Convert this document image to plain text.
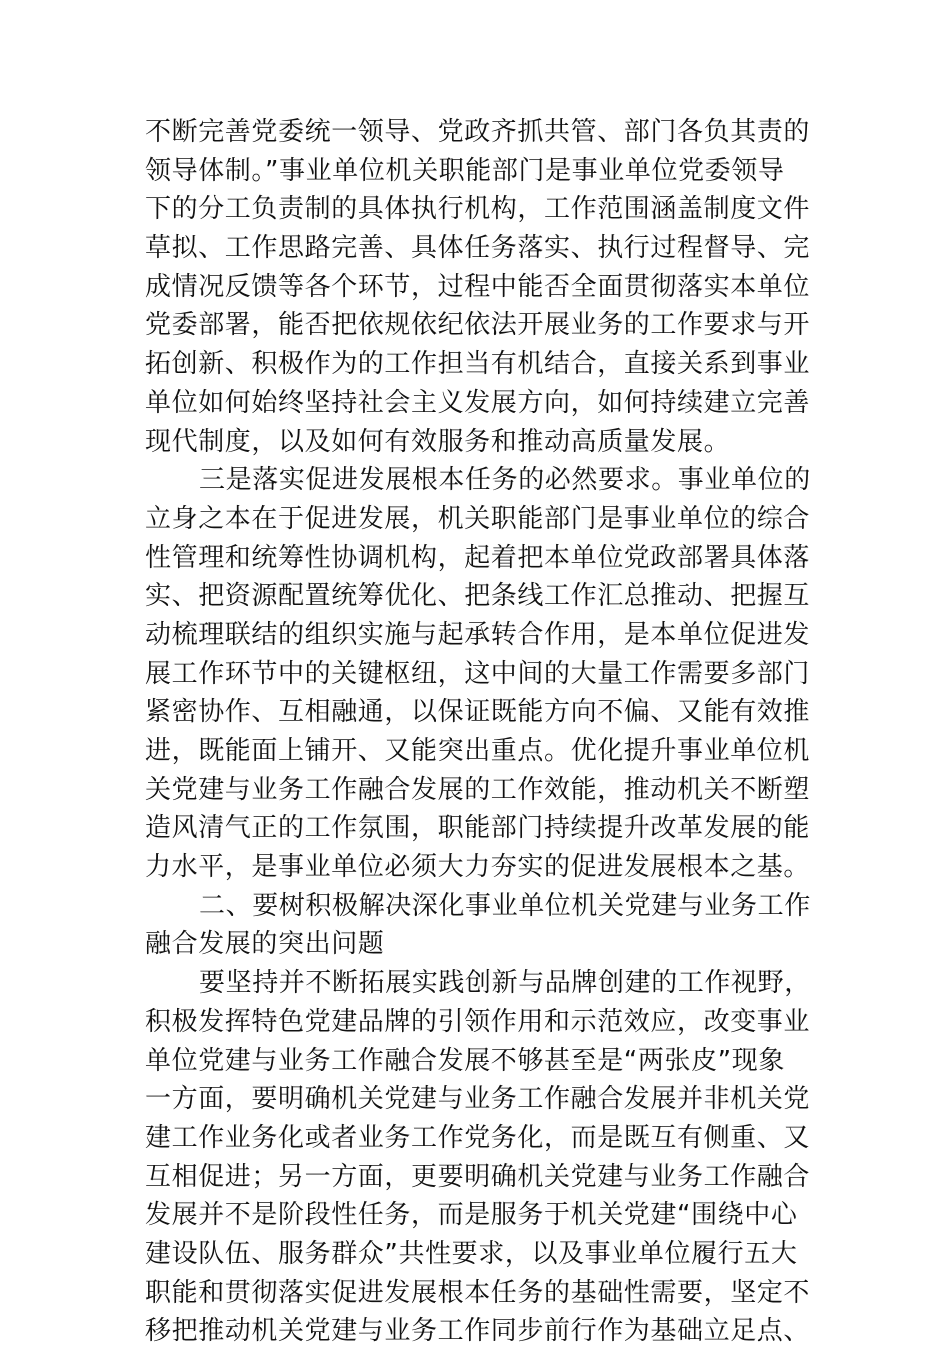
不断完善党委统一领导、党政齐抓共管、部门各负其责的
领导体制。”事业单位机关职能部门是事业单位党委领导
下的分工负责制的具体执行机构，工作范围涵盖制度文件
草拟、工作思路完善、具体任务落实、执行过程督导、完
成情况反馈等各个环节，过程中能否全面贯彻落实本单位
党委部署，能否把依规依纪依法开展业务的工作要求与开
拓创新、积极作为的工作担当有机结合，直接关系到事业
单位如何始终坚持社会主义发展方向，如何持续建立完善
现代制度，以及如何有效服务和推动高质量发展。
三是落实促进发展根本任务的必然要求。事业单位的
立身之本在于促进发展，机关职能部门是事业单位的综合
性管理和统筹性协调机构，起着把本单位党政部署具体落
实、把资源配置统筹优化、把条线工作汇总推动、把握互
动梳理联结的组织实施与起承转合作用，是本单位促进发
展工作环节中的关键枢纽，这中间的大量工作需要多部门
紧密协作、互相融通，以保证既能方向不偏、又能有效推
进，既能面上铺开、又能突出重点。优化提升事业单位机
关党建与业务工作融合发展的工作效能，推动机关不断塑
造风清气正的工作氛围，职能部门持续提升改革发展的能
力水平，是事业单位必须大力夯实的促进发展根本之基。
二、要树积极解决深化事业单位机关党建与业务工作
融合发展的突出问题
要坚持并不断拓展实践创新与品牌创建的工作视野，
积极发挥特色党建品牌的引领作用和示范效应，改变事业
单位党建与业务工作融合发展不够甚至是“两张皮”现象
一方面，要明确机关党建与业务工作融合发展并非机关党
建工作业务化或者业务工作党务化，而是既互有侧重、又
互相促进；另一方面，更要明确机关党建与业务工作融合
发展并不是阶段性任务，而是服务于机关党建“围绕中心
建设队伍、服务群众”共性要求，以及事业单位履行五大
职能和贯彻落实促进发展根本任务的基础性需要，坚定不
移把推动机关党建与业务工作同步前行作为基础立足点、
